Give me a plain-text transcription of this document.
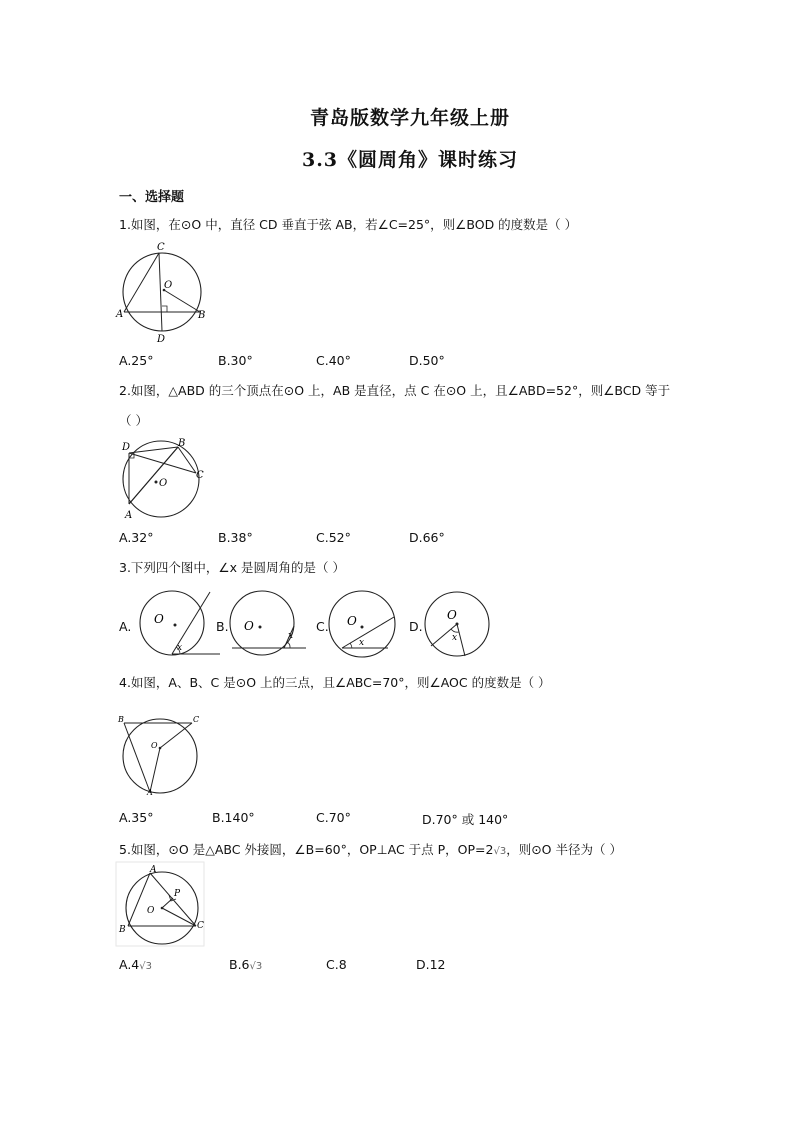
青岛版数学九年级上册
3.3《圆周角》课时练习
一、选择题
1.如图，在⊙O 中，直径 CD 垂直于弦 AB，若∠C=25°，则∠BOD 的度数是（ ）
C
O
A	B
D
A.25°	B.30°	C.40°	D.50°
2.如图，△ABD 的三个顶点在⊙O 上，AB 是直径，点 C 在⊙O 上，且∠ABD=52°，则∠BCD 等于
（ ）
D	B
C
O
A
A.32°	B.38°	C.52°	D.66°
3.下列四个图中，∠x 是圆周角的是（ ）
A. O
x
B. O
x
C. O
x
D.
O
x
4.如图，A、B、C 是⊙O 上的三点，且∠ABC=70°，则∠AOC 的度数是（ ）
B	C
O
A
A.35°	B.140°	C.70°	D.70° 或 140°
5.如图，⊙O 是△ABC 外接圆，∠B=60°，OP⊥AC 于点 P，OP=2√3，则⊙O 半径为（ ）
A
P
O
B	C
A.4√3	B.6√3	C.8	D.12
